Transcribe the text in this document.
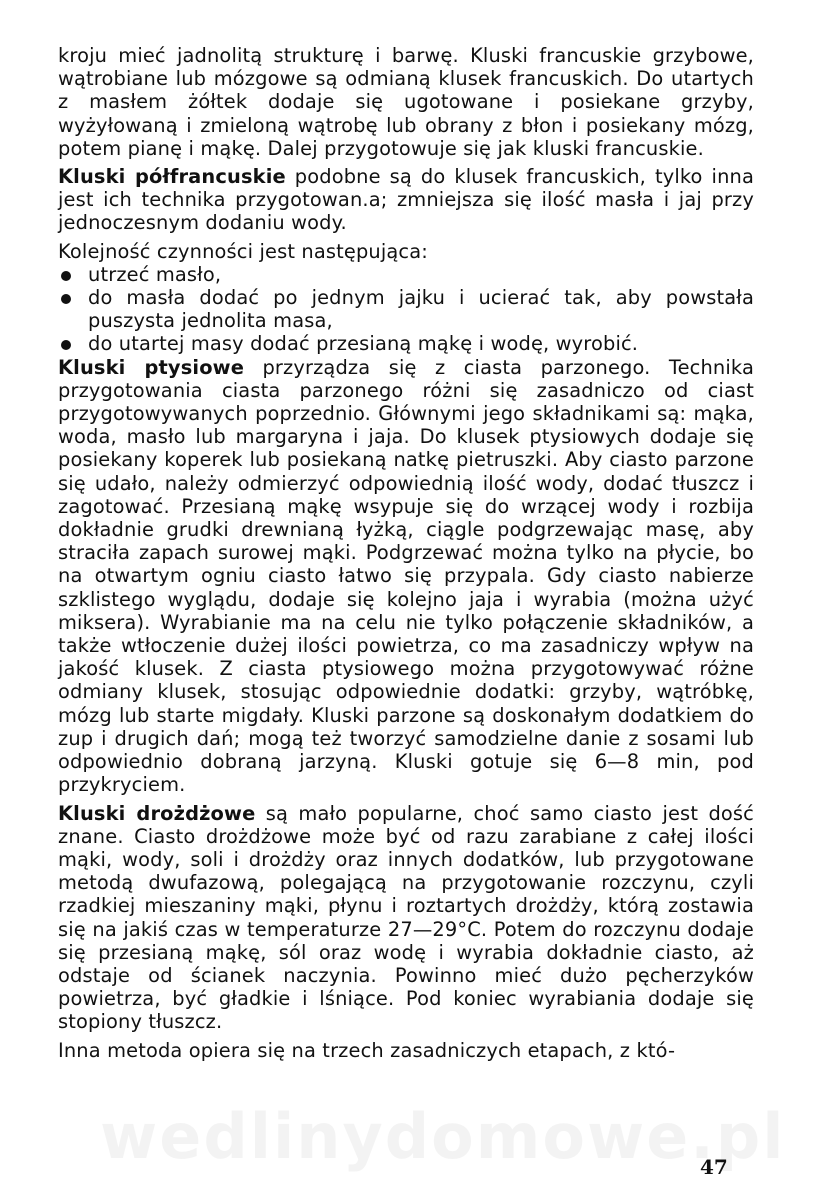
kroju mieć jadnolitą strukturę i barwę. Kluski francuskie grzybowe, wątrobiane lub mózgowe są odmianą klusek francuskich. Do utartych z masłem żółtek dodaje się ugotowane i posiekane grzyby, wyżyłowaną i zmieloną wątrobę lub obrany z błon i posiekany mózg, potem pianę i mąkę. Dalej przygotowuje się jak kluski francuskie.

Kluski półfrancuskie podobne są do klusek francuskich, tylko inna jest ich technika przygotowan.a; zmniejsza się ilość masła i jaj przy jednoczesnym dodaniu wody.

Kolejność czynności jest następująca:

utrzeć masło,
do masła dodać po jednym jajku i ucierać tak, aby powstała puszysta jednolita masa,
do utartej masy dodać przesianą mąkę i wodę, wyrobić.

Kluski ptysiowe przyrządza się z ciasta parzonego. Technika przygotowania ciasta parzonego różni się zasadniczo od ciast przygotowywanych poprzednio. Głównymi jego składnikami są: mąka, woda, masło lub margaryna i jaja. Do klusek ptysiowych dodaje się posiekany koperek lub posiekaną natkę pietruszki. Aby ciasto parzone się udało, należy odmierzyć odpowiednią ilość wody, dodać tłuszcz i zagotować. Przesianą mąkę wsypuje się do wrzącej wody i rozbija dokładnie grudki drewnianą łyżką, ciągle podgrzewając masę, aby straciła zapach surowej mąki. Podgrzewać można tylko na płycie, bo na otwartym ogniu ciasto łatwo się przypala. Gdy ciasto nabierze szklistego wyglądu, dodaje się kolejno jaja i wyrabia (można użyć miksera). Wyrabianie ma na celu nie tylko połączenie składników, a także wtłoczenie dużej ilości powietrza, co ma zasadniczy wpływ na jakość klusek. Z ciasta ptysiowego można przygotowywać różne odmiany klusek, stosując odpowiednie dodatki: grzyby, wątróbkę, mózg lub starte migdały. Kluski parzone są doskonałym dodatkiem do zup i drugich dań; mogą też tworzyć samodzielne danie z sosami lub odpowiednio dobraną jarzyną. Kluski gotuje się 6—8 min, pod przykryciem.

Kluski drożdżowe są mało popularne, choć samo ciasto jest dość znane. Ciasto drożdżowe może być od razu zarabiane z całej ilości mąki, wody, soli i drożdży oraz innych dodatków, lub przygotowane metodą dwufazową, polegającą na przygotowanie rozczynu, czyli rzadkiej mieszaniny mąki, płynu i roztartych drożdży, którą zostawia się na jakiś czas w temperaturze 27—29°C. Potem do rozczynu dodaje się przesianą mąkę, sól oraz wodę i wyrabia dokładnie ciasto, aż odstaje od ścianek naczynia. Powinno mieć dużo pęcherzyków powietrza, być gładkie i lśniące. Pod koniec wyrabiania dodaje się stopiony tłuszcz.

Inna metoda opiera się na trzech zasadniczych etapach, z któ-

47
